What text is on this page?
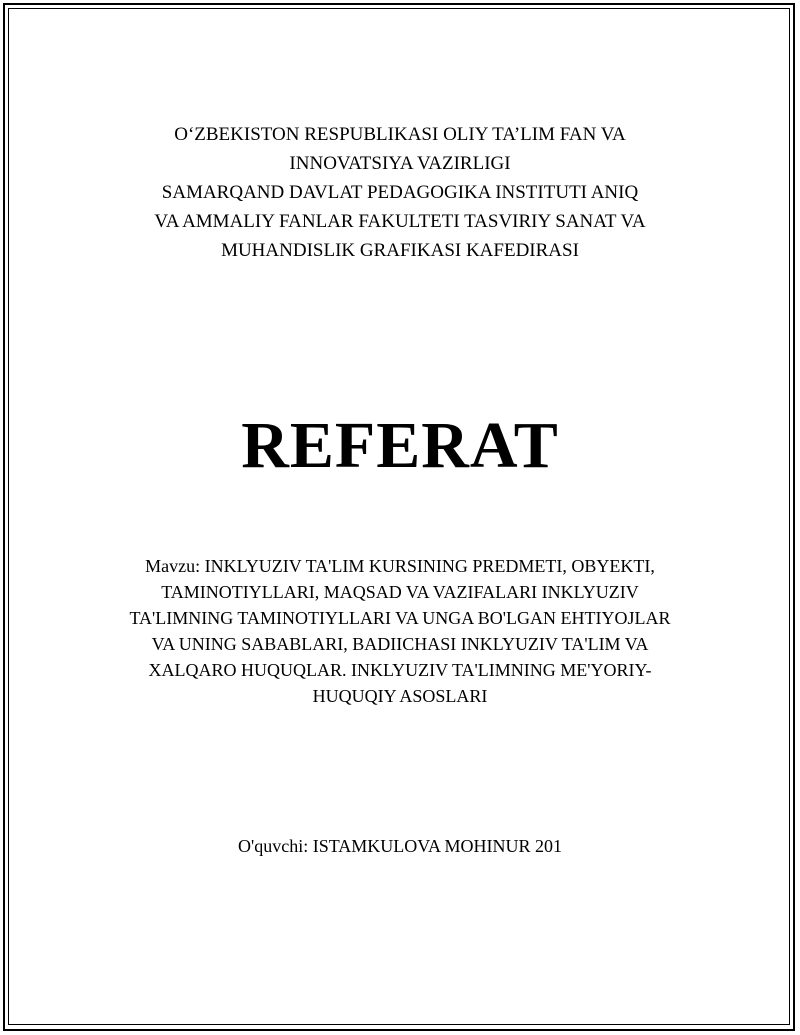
O‘ZBEKISTON RESPUBLIKASI OLIY TA’LIM FAN VA
INNOVATSIYA VAZIRLIGI
SAMARQAND DAVLAT PEDAGOGIKA INSTITUTI ANIQ
VA AMMALIY FANLAR FAKULTETI TASVIRIY SANAT VA
MUHANDISLIK GRAFIKASI KAFEDIRASI
REFERAT
Mavzu: INKLYUZIV TA'LIM KURSINING PREDMETI, OBYEKTI,
TAMINOTIYLLARI, MAQSAD VA VAZIFALARI INKLYUZIV
TA'LIMNING TAMINOTIYLLARI VA UNGA BO'LGAN EHTIYOJLAR
VA UNING SABABLARI, BADIICHASI INKLYUZIV TA'LIM VA
XALQARO HUQUQLAR. INKLYUZIV TA'LIMNING ME'YORIY-
HUQUQIY ASOSLARI
O'quvchi: ISTAMKULOVA MOHINUR 201
